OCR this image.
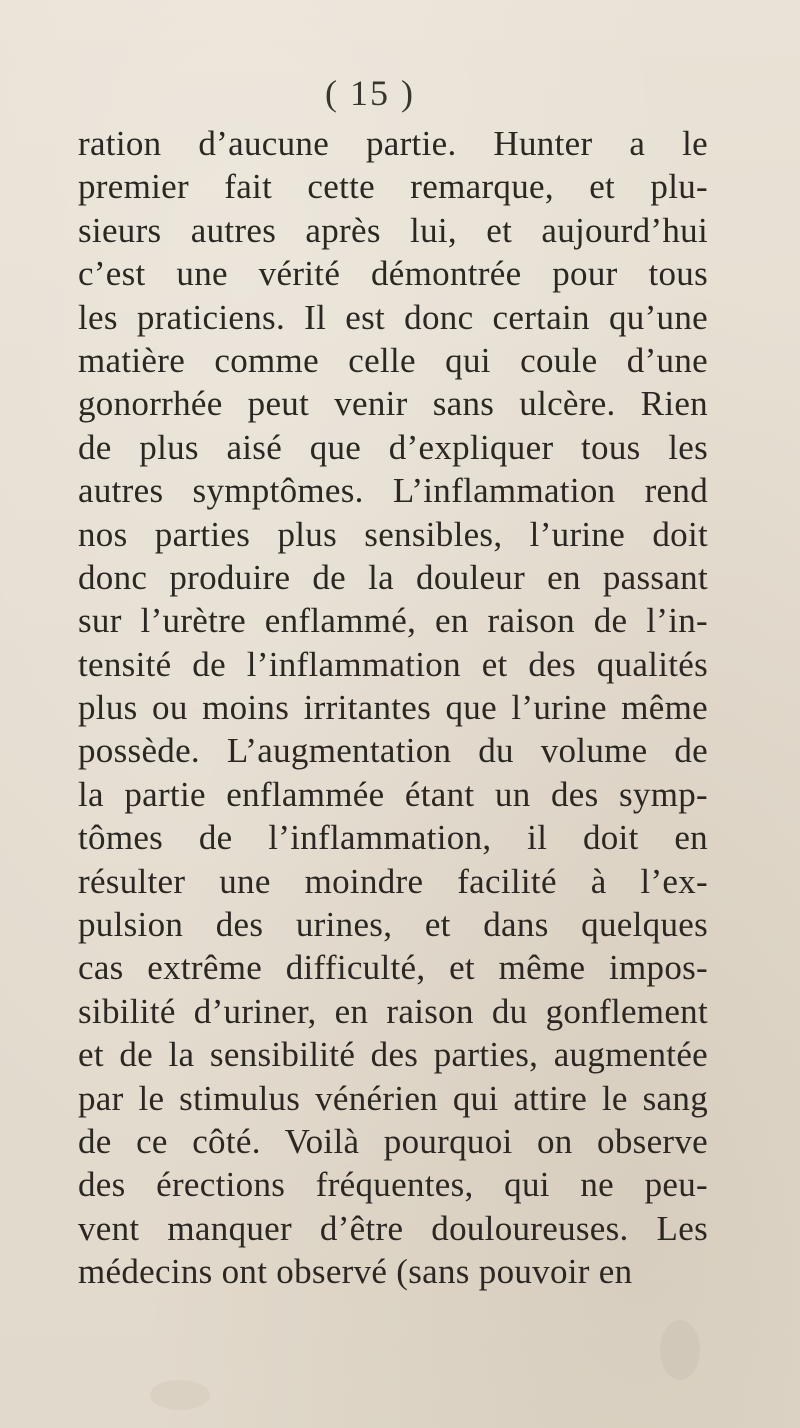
( 15 )
ration d’aucune partie. Hunter a le
premier fait cette remarque, et plu-
sieurs autres après lui, et aujourd’hui
c’est une vérité démontrée pour tous
les praticiens. Il est donc certain qu’une
matière comme celle qui coule d’une
gonorrhée peut venir sans ulcère. Rien
de plus aisé que d’expliquer tous les
autres symptômes. L’inflammation rend
nos parties plus sensibles, l’urine doit
donc produire de la douleur en passant
sur l’urètre enflammé, en raison de l’in-
tensité de l’inflammation et des qualités
plus ou moins irritantes que l’urine même
possède. L’augmentation du volume de
la partie enflammée étant un des symp-
tômes de l’inflammation, il doit en
résulter une moindre facilité à l’ex-
pulsion des urines, et dans quelques
cas extrême difficulté, et même impos-
sibilité d’uriner, en raison du gonflement
et de la sensibilité des parties, augmentée
par le stimulus vénérien qui attire le sang
de ce côté. Voilà pourquoi on observe
des érections fréquentes, qui ne peu-
vent manquer d’être douloureuses. Les
médecins ont observé (sans pouvoir en
